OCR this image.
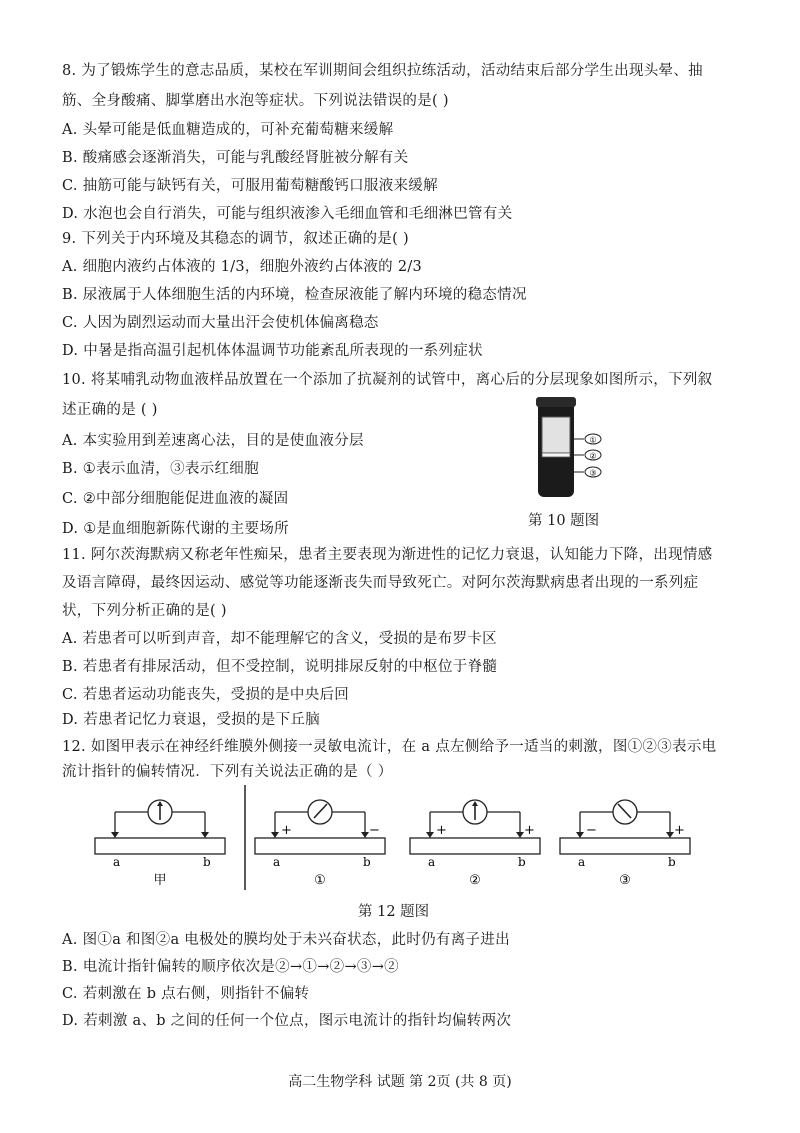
8. 为了锻炼学生的意志品质，某校在军训期间会组织拉练活动，活动结束后部分学生出现头晕、抽
筋、全身酸痛、脚掌磨出水泡等症状。下列说法错误的是( )
A. 头晕可能是低血糖造成的，可补充葡萄糖来缓解
B. 酸痛感会逐渐消失，可能与乳酸经肾脏被分解有关
C. 抽筋可能与缺钙有关，可服用葡萄糖酸钙口服液来缓解
D. 水泡也会自行消失，可能与组织液渗入毛细血管和毛细淋巴管有关
9. 下列关于内环境及其稳态的调节，叙述正确的是( )
A. 细胞内液约占体液的 1/3，细胞外液约占体液的 2/3
B. 尿液属于人体细胞生活的内环境，检查尿液能了解内环境的稳态情况
C. 人因为剧烈运动而大量出汗会使机体偏离稳态
D. 中暑是指高温引起机体体温调节功能紊乱所表现的一系列症状
10. 将某哺乳动物血液样品放置在一个添加了抗凝剂的试管中，离心后的分层现象如图所示，下列叙
述正确的是 ( )
A. 本实验用到差速离心法，目的是使血液分层
B. ①表示血清，③表示红细胞
C. ②中部分细胞能促进血液的凝固
D. ①是血细胞新陈代谢的主要场所
①
②
③
第 10 题图
11. 阿尔茨海默病又称老年性痴呆，患者主要表现为渐进性的记忆力衰退，认知能力下降，出现情感
及语言障碍，最终因运动、感觉等功能逐渐丧失而导致死亡。对阿尔茨海默病患者出现的一系列症
状，下列分析正确的是( )
A. 若患者可以听到声音，却不能理解它的含义，受损的是布罗卡区
B. 若患者有排尿活动，但不受控制，说明排尿反射的中枢位于脊髓
C. 若患者运动功能丧失，受损的是中央后回
D. 若患者记忆力衰退，受损的是下丘脑
12. 如图甲表示在神经纤维膜外侧接一灵敏电流计，在 a 点左侧给予一适当的刺激，图①②③表示电
流计指针的偏转情况．下列有关说法正确的是（ ）
a	b
甲
+	−
a	b
①
+	+
a	b
②
−	+
a	b
③
第 12 题图
A. 图①a 和图②a 电极处的膜均处于未兴奋状态，此时仍有离子进出
B. 电流计指针偏转的顺序依次是②→①→②→③→②
C. 若刺激在 b 点右侧，则指针不偏转
D. 若刺激 a、b 之间的任何一个位点，图示电流计的指针均偏转两次
高二生物学科 试题 第 2页 (共 8 页)
